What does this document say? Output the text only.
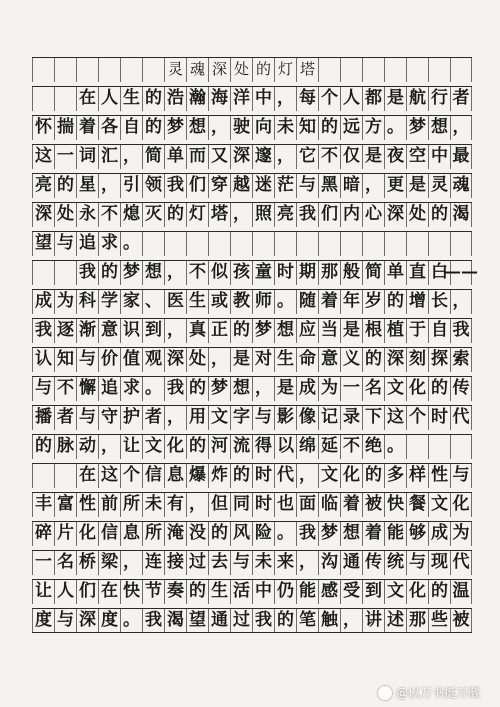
灵 魂 深 处 的 灯 塔
在 人 生 的 浩 瀚 海 洋 中 ， 每 个 人 都 是 航 行 者
怀 揣 着 各 自 的 梦 想 ， 驶 向 未 知 的 远 方 。 梦 想 ，
这 一 词 汇 ， 简 单 而 又 深 邃 ， 它 不 仅 是 夜 空 中 最
亮 的 星 ， 引 领 我 们 穿 越 迷 茫 与 黑 暗 ， 更 是 灵 魂
深 处 永 不 熄 灭 的 灯 塔 ， 照 亮 我 们 内 心 深 处 的 渴
望 与 追 求 。
我 的 梦 想 ， 不 似 孩 童 时 期 那 般 简 单 直 白
——
成 为 科 学 家 、 医 生 或 教 师 。 随 着 年 岁 的 增 长 ，
我 逐 渐 意 识 到 ， 真 正 的 梦 想 应 当 是 根 植 于 自 我
认 知 与 价 值 观 深 处 ， 是 对 生 命 意 义 的 深 刻 探 索
与 不 懈 追 求 。 我 的 梦 想 ， 是 成 为 一 名 文 化 的 传
播 者 与 守 护 者 ， 用 文 字 与 影 像 记 录 下 这 个 时 代
的 脉 动 ， 让 文 化 的 河 流 得 以 绵 延 不 绝 。
在 这 个 信 息 爆 炸 的 时 代 ， 文 化 的 多 样 性 与
丰 富 性 前 所 未 有 ， 但 同 时 也 面 临 着 被 快 餐 文 化
碎 片 化 信 息 所 淹 没 的 风 险 。 我 梦 想 着 能 够 成 为
一 名 桥 梁 ， 连 接 过 去 与 未 来 ， 沟 通 传 统 与 现 代
让 人 们 在 快 节 奏 的 生 活 中 仍 能 感 受 到 文 化 的 温
度 与 深 度 。 我 渴 望 通 过 我 的 笔 触 ， 讲 述 那 些 被
@以万书挺万藏
